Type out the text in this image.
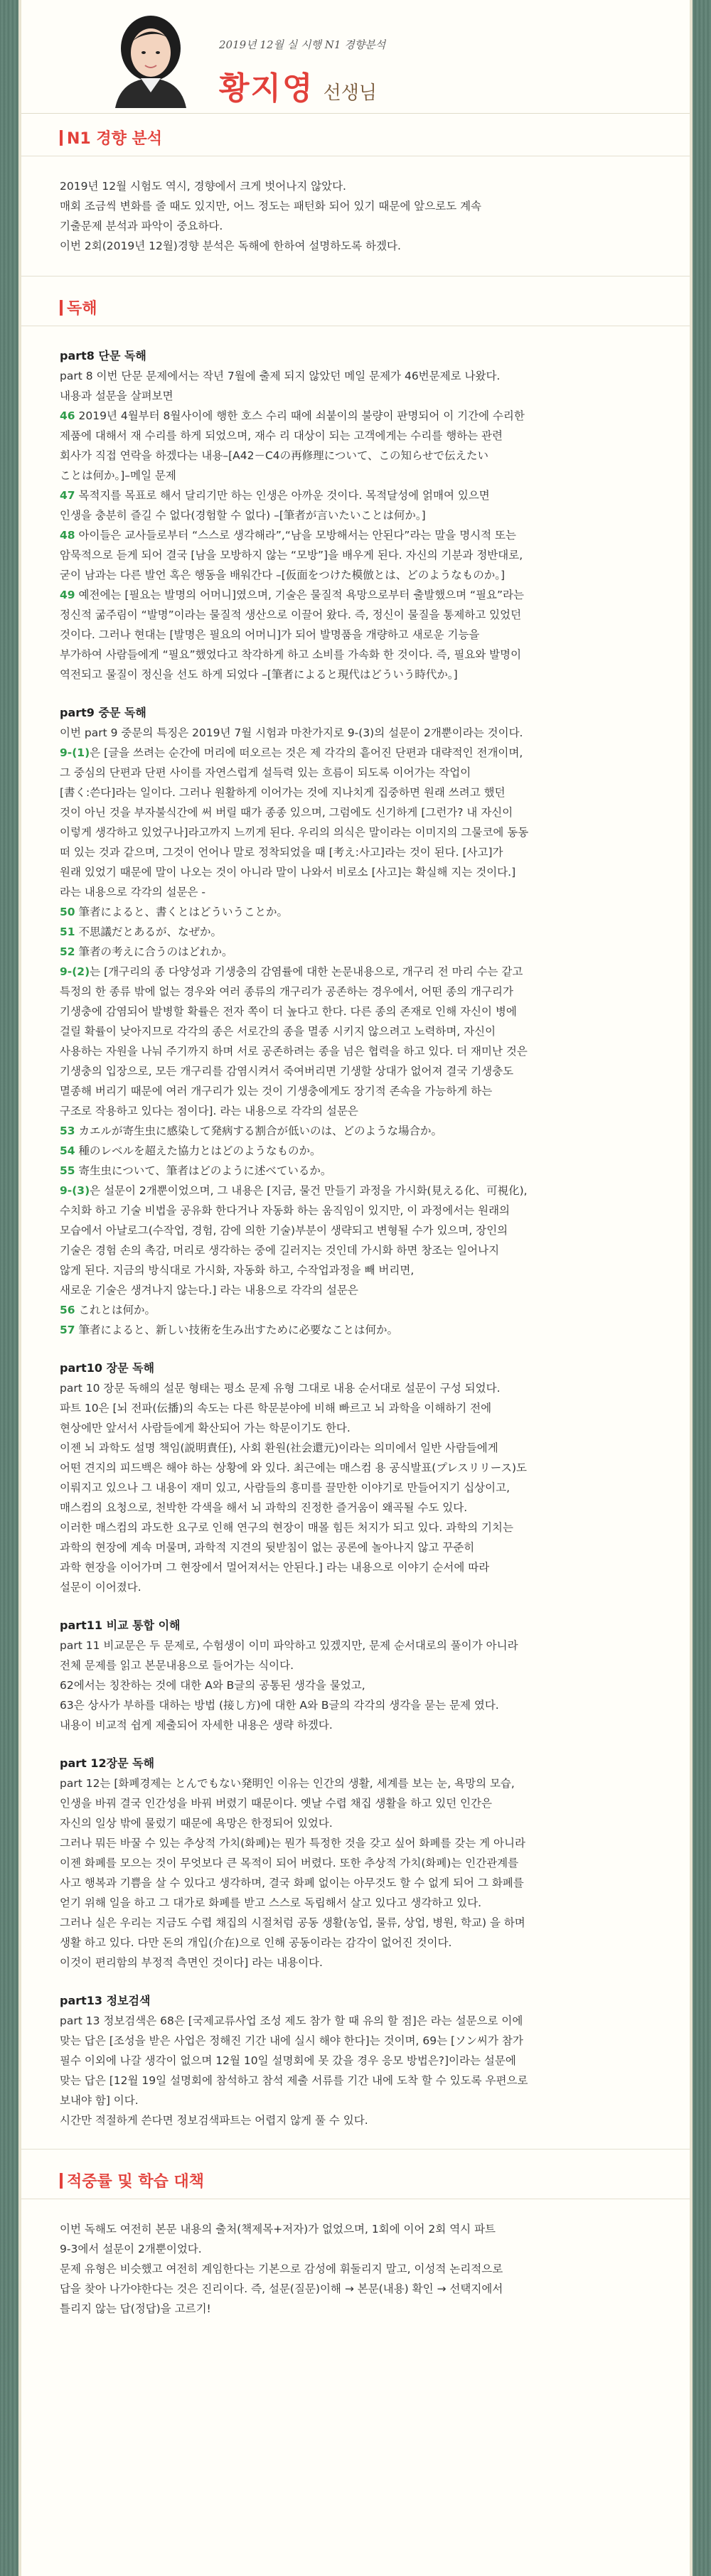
2019년 12월 실 시행 N1 경향분석
황지영 선생님
N1 경향 분석

2019년 12월 시험도 역시, 경향에서 크게 벗어나지 않았다.

매회 조금씩 변화를 줄 때도 있지만, 어느 정도는 패턴화 되어 있기 때문에 앞으로도 계속

기출문제 분석과 파악이 중요하다.

이번 2회(2019년 12월)경향 분석은 독해에 한하여 설명하도록 하겠다.

독해

part8 단문 독해

part 8 이번 단문 문제에서는 작년 7월에 출제 되지 않았던 메일 문제가 46번문제로 나왔다.

내용과 설문을 살펴보면

46 2019년 4월부터 8월사이에 행한 호스 수리 때에 쇠붙이의 불량이 판명되어 이 기간에 수리한

제품에 대해서 재 수리를 하게 되었으며, 재수 리 대상이 되는 고객에게는 수리를 행하는 관련

회사가 직접 연락을 하겠다는 내용–[A42－C4の再修理について、この知らせで伝えたい

ことは何か。]–메일 문제

47 목적지를 목표로 해서 달리기만 하는 인생은 아까운 것이다. 목적달성에 얽매여 있으면

인생을 충분히 즐길 수 없다(경험할 수 없다) –[筆者が言いたいことは何か。]

48 아이들은 교사들로부터 “스스로 생각해라”,“남을 모방해서는 안된다”라는 말을 명시적 또는

암묵적으로 듣게 되어 결국 [남을 모방하지 않는 “모방”]을 배우게 된다. 자신의 기분과 정반대로,

굳이 남과는 다른 발언 혹은 행동을 배워간다 –[仮面をつけた模倣とは、どのようなものか。]

49 예전에는 [필요는 발명의 어머니]였으며, 기술은 물질적 욕망으로부터 출발했으며 “필요”라는

정신적 굶주림이 “발명”이라는 물질적 생산으로 이끌어 왔다. 즉, 정신이 물질을 통제하고 있었던

것이다. 그러나 현대는 [발명은 필요의 어머니]가 되어 발명품을 개량하고 새로운 기능을

부가하여 사람들에게 “필요”했었다고 착각하게 하고 소비를 가속화 한 것이다. 즉, 필요와 발명이

역전되고 물질이 정신을 선도 하게 되었다 –[筆者によると現代はどういう時代か。]

part9 중문 독해

이번 part 9 중문의 특징은 2019년 7월 시험과 마찬가지로 9-(3)의 설문이 2개뿐이라는 것이다.

9-(1)은 [글을 쓰려는 순간에 머리에 떠오르는 것은 제 각각의 흩어진 단편과 대략적인 전개이며,

그 중심의 단편과 단편 사이를 자연스럽게 설득력 있는 흐름이 되도록 이어가는 작업이

[書く:쓴다]라는 일이다. 그러나 원활하게 이어가는 것에 지나치게 집중하면 원래 쓰려고 했던

것이 아닌 것을 부자불식간에 써 버릴 때가 종종 있으며, 그럼에도 신기하게 [그런가? 내 자신이

이렇게 생각하고 있었구나]라고까지 느끼게 된다. 우리의 의식은 말이라는 이미지의 그물코에 동동

떠 있는 것과 같으며, 그것이 언어나 말로 정착되었을 때 [考え:사고]라는 것이 된다. [사고]가

원래 있었기 때문에 말이 나오는 것이 아니라 말이 나와서 비로소 [사고]는 확실해 지는 것이다.]

라는 내용으로 각각의 설문은 -

50 筆者によると、書くとはどういうことか。

51 不思議だとあるが、なぜか。

52 筆者の考えに合うのはどれか。

9-(2)는 [개구리의 종 다양성과 기생충의 감염률에 대한 논문내용으로, 개구리 전 마리 수는 같고

특정의 한 종류 밖에 없는 경우와 여러 종류의 개구리가 공존하는 경우에서, 어떤 종의 개구리가

기생충에 감염되어 발병할 확률은 전자 쪽이 더 높다고 한다. 다른 종의 존재로 인해 자신이 병에

걸릴 확률이 낮아지므로 각각의 종은 서로간의 종을 멸종 시키지 않으려고 노력하며, 자신이

사용하는 자원을 나눠 주기까지 하며 서로 공존하려는 종을 넘은 협력을 하고 있다. 더 재미난 것은

기생충의 입장으로, 모든 개구리를 감염시켜서 죽여버리면 기생할 상대가 없어져 결국 기생충도

멸종해 버리기 때문에 여러 개구리가 있는 것이 기생충에게도 장기적 존속을 가능하게 하는

구조로 작용하고 있다는 점이다]. 라는 내용으로 각각의 설문은

53 カエルが寄生虫に感染して発病する割合が低いのは、どのような場合か。

54 種のレベルを超えた協力とはどのようなものか。

55 寄生虫について、筆者はどのように述べているか。

9-(3)은 설문이 2개뿐이었으며, 그 내용은 [지금, 물건 만들기 과정을 가시화(見える化、可視化),

수치화 하고 기술 비법을 공유화 한다거나 자동화 하는 움직임이 있지만, 이 과정에서는 원래의

모습에서 아날로그(수작업, 경험, 감에 의한 기술)부분이 생략되고 변형될 수가 있으며, 장인의

기술은 경험 손의 촉감, 머리로 생각하는 중에 길러지는 것인데 가시화 하면 창조는 일어나지

않게 된다. 지금의 방식대로 가시화, 자동화 하고, 수작업과정을 빼 버리면,

새로운 기술은 생겨나지 않는다.] 라는 내용으로 각각의 설문은

56 これとは何か。

57 筆者によると、新しい技術を生み出すために必要なことは何か。

part10 장문 독해

part 10 장문 독해의 설문 형태는 평소 문제 유형 그대로 내용 순서대로 설문이 구성 되었다.

파트 10은 [뇌 전파(伝播)의 속도는 다른 학문분야에 비해 빠르고 뇌 과학을 이해하기 전에

현상에만 앞서서 사람들에게 확산되어 가는 학문이기도 한다.

이젠 뇌 과학도 설명 책임(説明責任), 사회 환원(社会還元)이라는 의미에서 일반 사람들에게

어떤 견지의 피드백은 해야 하는 상황에 와 있다. 최근에는 매스컴 용 공식발표(プレスリリース)도

이뤄지고 있으나 그 내용이 재미 있고, 사람들의 흥미를 끌만한 이야기로 만들어지기 십상이고,

매스컴의 요청으로, 천박한 각색을 해서 뇌 과학의 진정한 즐거움이 왜곡될 수도 있다.

이러한 매스컴의 과도한 요구로 인해 연구의 현장이 매몰 힘든 처지가 되고 있다. 과학의 기치는

과학의 현장에 계속 머물며, 과학적 지견의 뒷받침이 없는 공론에 놀아나지 않고 꾸준히

과학 현장을 이어가며 그 현장에서 멀어져서는 안된다.] 라는 내용으로 이야기 순서에 따라

설문이 이어졌다.

part11 비교 통합 이해

part 11 비교문은 두 문제로, 수험생이 이미 파악하고 있겠지만, 문제 순서대로의 풀이가 아니라

전체 문제를 읽고 본문내용으로 들어가는 식이다.

62에서는 칭찬하는 것에 대한 A와 B글의 공통된 생각을 물었고,

63은 상사가 부하를 대하는 방법 (接し方)에 대한 A와 B글의 각각의 생각을 묻는 문제 였다.

내용이 비교적 쉽게 제출되어 자세한 내용은 생략 하겠다.

part 12장문 독해

part 12는 [화폐경제는 とんでもない発明인 이유는 인간의 생활, 세계를 보는 눈, 욕망의 모습,

인생을 바꿔 결국 인간성을 바꿔 버렸기 때문이다. 옛날 수렵 채집 생활을 하고 있던 인간은

자신의 일상 밖에 물렀기 때문에 욕망은 한정되어 있었다.

그러나 뭐든 바꿀 수 있는 추상적 가치(화폐)는 뭔가 특정한 것을 갖고 싶어 화폐를 갖는 게 아니라

이젠 화폐를 모으는 것이 무엇보다 큰 목적이 되어 버렸다. 또한 추상적 가치(화폐)는 인간관계를

사고 행복과 기쁨을 살 수 있다고 생각하며, 결국 화폐 없이는 아무것도 할 수 없게 되어 그 화폐를

얻기 위해 일을 하고 그 대가로 화폐를 받고 스스로 독립해서 살고 있다고 생각하고 있다.

그러나 실은 우리는 지금도 수렵 채집의 시절처럼 공동 생활(농업, 물류, 상업, 병원, 학교) 을 하며

생활 하고 있다. 다만 돈의 개입(介在)으로 인해 공동이라는 감각이 없어진 것이다.

이것이 편리함의 부정적 측면인 것이다] 라는 내용이다.

part13 정보검색

part 13 정보검색은 68은 [국제교류사업 조성 제도 참가 할 때 유의 할 점]은 라는 설문으로 이에

맞는 답은 [조성을 받은 사업은 정해진 기간 내에 실시 해야 한다]는 것이며, 69는 [ソン씨가 참가

필수 이외에 나갈 생각이 없으며 12월 10일 설명회에 못 갔을 경우 응모 방법은?]이라는 설문에

맞는 답은 [12월 19일 설명회에 참석하고 참석 제출 서류를 기간 내에 도착 할 수 있도록 우편으로

보내야 함] 이다.

시간만 적절하게 쓴다면 정보검색파트는 어렵지 않게 풀 수 있다.

적중률 및 학습 대책

이번 독해도 여전히 본문 내용의 출처(책제목+저자)가 없었으며, 1회에 이어 2회 역시 파트

9-3에서 설문이 2개뿐이었다.

문제 유형은 비슷했고 여전히 계임한다는 기본으로 감성에 휘둘리지 말고, 이성적 논리적으로

답을 찾아 나가야한다는 것은 진리이다. 즉, 설문(질문)이해 → 본문(내용) 확인 → 선택지에서

틀리지 않는 답(정답)을 고르기!
